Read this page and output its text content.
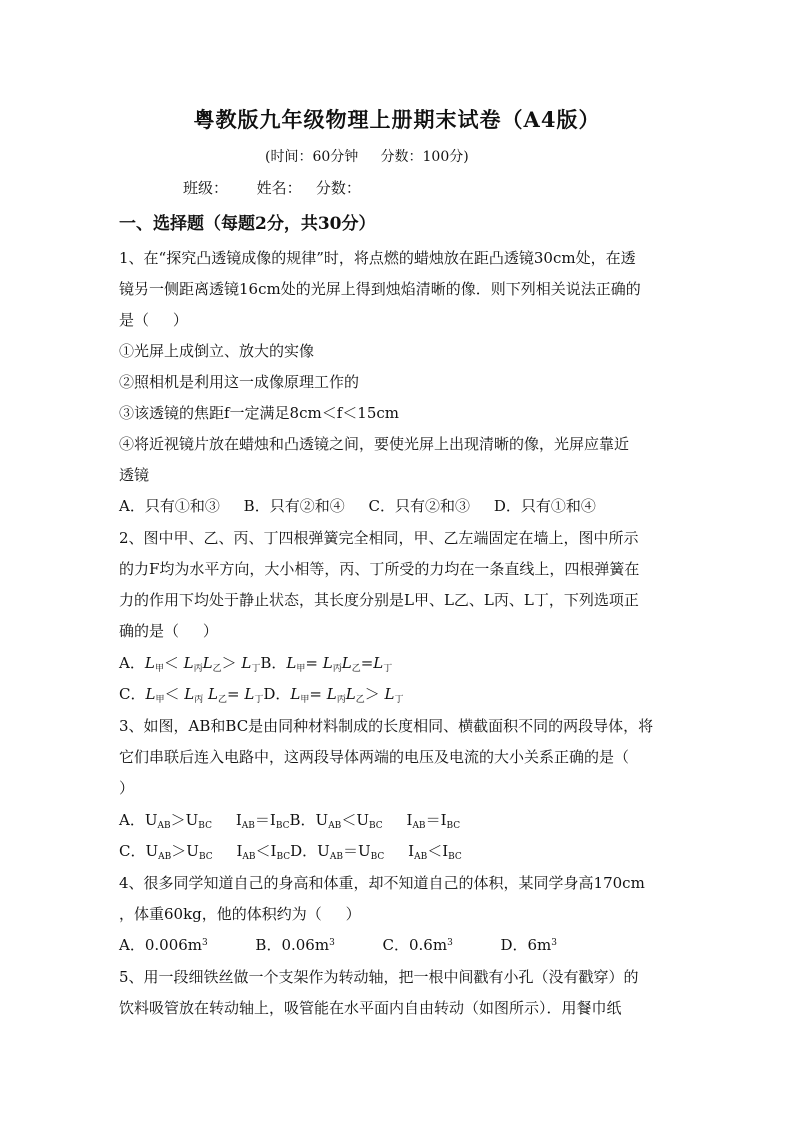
粤教版九年级物理上册期末试卷（A4版）
(时间：60分钟     分数：100分)
班级：      姓名：   分数：
一、选择题（每题2分，共30分）
1、在“探究凸透镜成像的规律”时，将点燃的蜡烛放在距凸透镜30cm处，在透
镜另一侧距离透镜16cm处的光屏上得到烛焰清晰的像．则下列相关说法正确的
是（     ）
①光屏上成倒立、放大的实像
②照相机是利用这一成像原理工作的
③该透镜的焦距f一定满足8cm＜f＜15cm
④将近视镜片放在蜡烛和凸透镜之间，要使光屏上出现清晰的像，光屏应靠近
透镜
A．只有①和③     B．只有②和④     C．只有②和③     D．只有①和④
2、图中甲、乙、丙、丁四根弹簧完全相同，甲、乙左端固定在墙上，图中所示
的力F均为水平方向，大小相等，丙、丁所受的力均在一条直线上，四根弹簧在
力的作用下均处于静止状态，其长度分别是L甲、L乙、L丙、L丁，下列选项正
确的是（     ）
A．$L_甲< L_丙L_乙> L_丁B$．$L_甲= L_丙L_乙=L_丁$
C．$L_甲< L_丙$ $L_乙= L_丁D$．$L_甲= L_丙L_乙> L_丁$
3、如图，AB和BC是由同种材料制成的长度相同、横截面积不同的两段导体，将
它们串联后连入电路中，这两段导体两端的电压及电流的大小关系正确的是（
）
A．$U_{AB}>U_{BC}$ $I_{AB}=I_{BC}B$．$U_{AB}<U_{BC}$ $I_{AB}=I_{BC}$
C．$U_{AB}>U_{BC}$ $I_{AB}<I_{BC}D$．$U_{AB}=U_{BC}$ $I_{AB}<I_{BC}$
4、很多同学知道自己的身高和体重，却不知道自己的体积，某同学身高170cm
，体重60kg，他的体积约为（     ）
A．$0.006m^3$	B．$0.06m^3$	C．$0.6m^3$	D．$6m^3$
5、用一段细铁丝做一个支架作为转动轴，把一根中间戳有小孔（没有戳穿）的
饮料吸管放在转动轴上，吸管能在水平面内自由转动（如图所示）．用餐巾纸
